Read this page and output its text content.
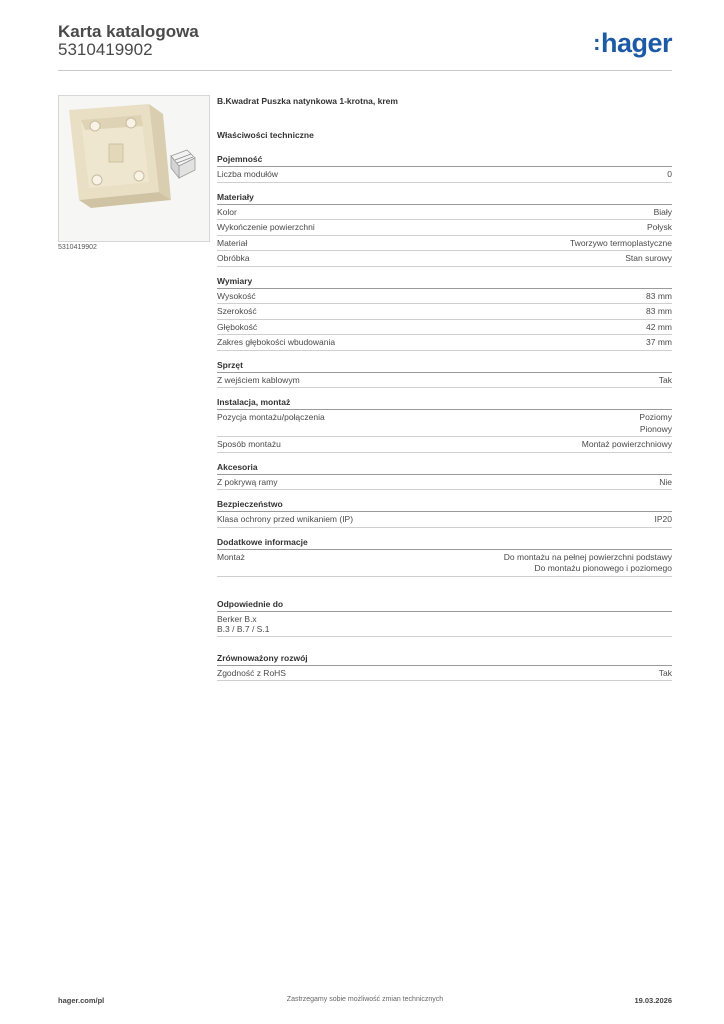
Karta katalogowa
5310419902	:hager
5310419902
B.Kwadrat Puszka natynkowa 1-krotna, krem
Właściwości techniczne
Pojemność
Liczba modułów	0
Materiały
Kolor	Biały
Wykończenie powierzchni	Połysk
Materiał	Tworzywo termoplastyczne
Obróbka	Stan surowy
Wymiary
Wysokość	83 mm
Szerokość	83 mm
Głębokość	42 mm
Zakres głębokości wbudowania	37 mm
Sprzęt
Z wejściem kablowym	Tak
Instalacja, montaż
Pozycja montażu/połączenia	Poziomy
Pionowy
Sposób montażu	Montaż powierzchniowy
Akcesoria
Z pokrywą ramy	Nie
Bezpieczeństwo
Klasa ochrony przed wnikaniem (IP)	IP20
Dodatkowe informacje
Montaż	Do montażu na pełnej powierzchni podstawy
Do montażu pionowego i poziomego
Odpowiednie do
Berker B.x
B.3 / B.7 / S.1
Zrównoważony rozwój
Zgodność z RoHS	Tak
hager.com/pl	Zastrzegamy sobie możliwość zmian technicznych	19.03.2026
